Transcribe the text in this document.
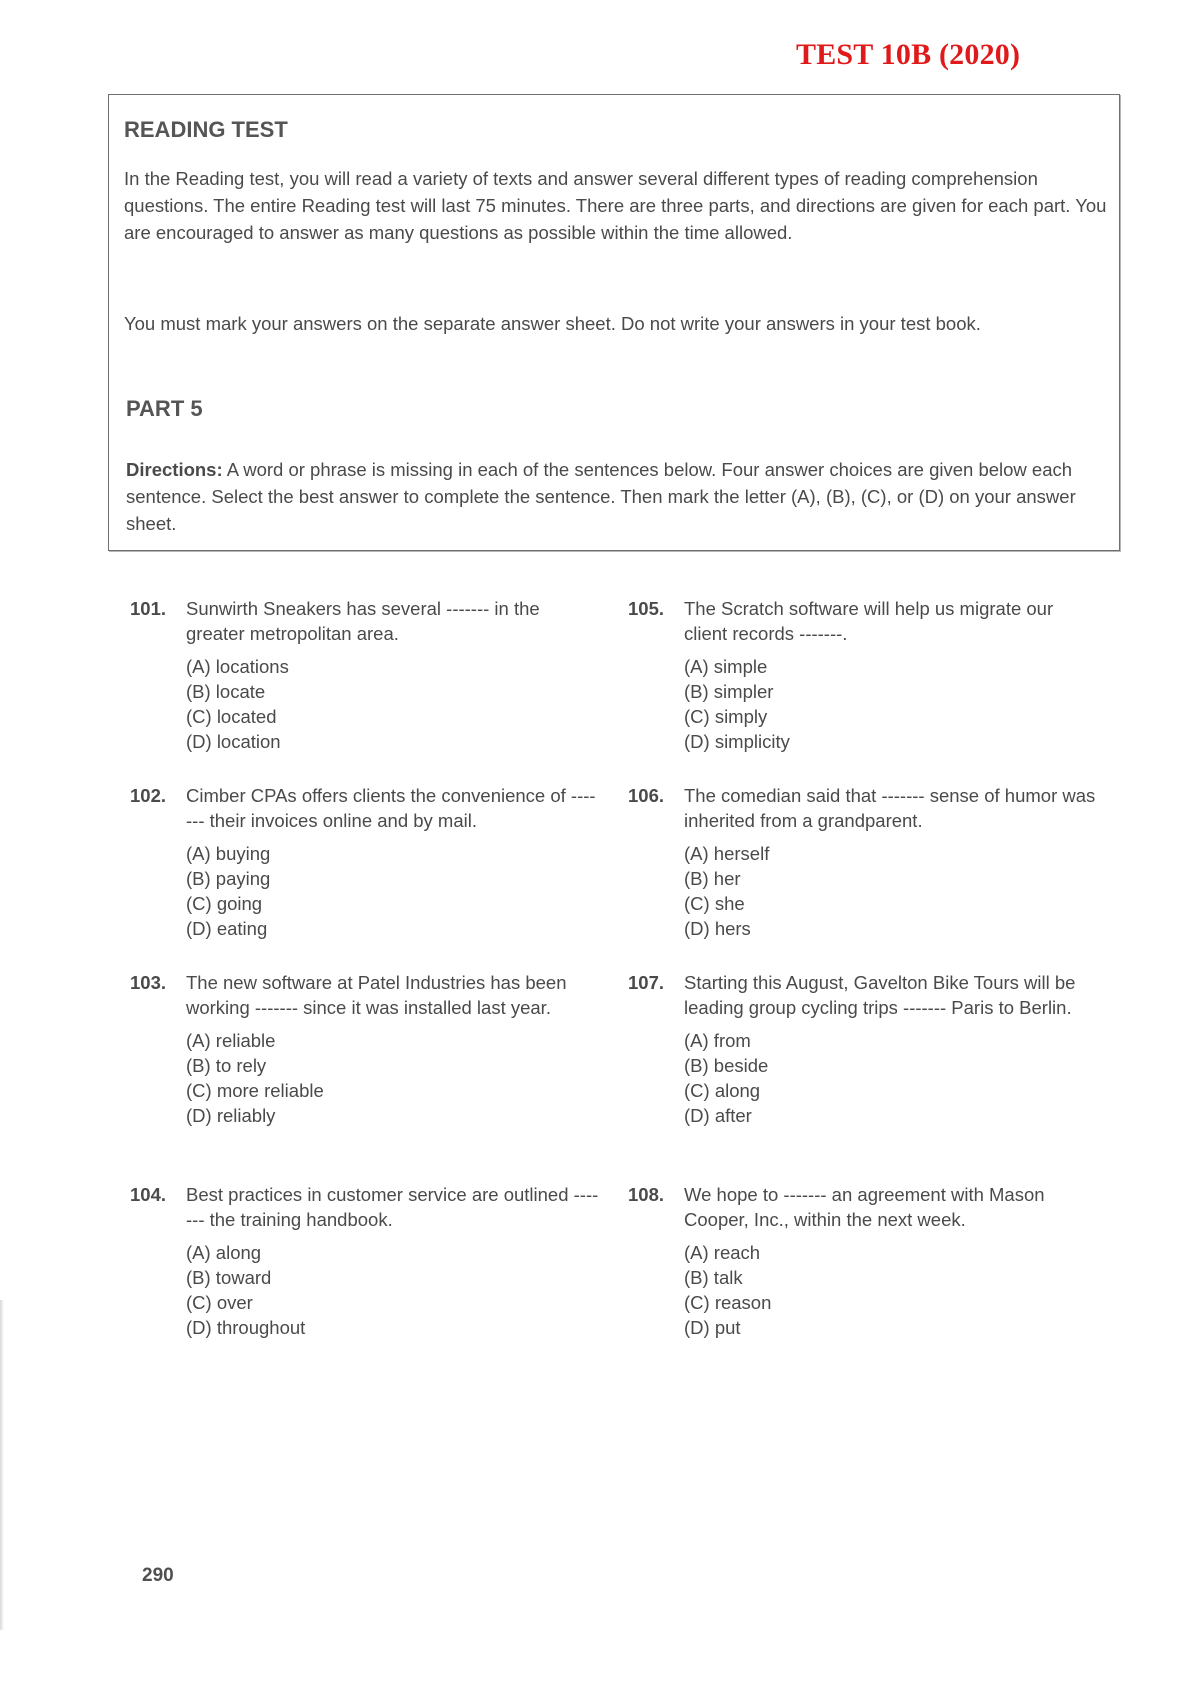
TEST 10B (2020)
READING TEST
In the Reading test, you will read a variety of texts and answer several different types of reading comprehension questions. The entire Reading test will last 75 minutes. There are three parts, and directions are given for each part. You are encouraged to answer as many questions as possible within the time allowed.
You must mark your answers on the separate answer sheet. Do not write your answers in your test book.
PART 5
Directions: A word or phrase is missing in each of the sentences below. Four answer choices are given below each sentence. Select the best answer to complete the sentence. Then mark the letter (A), (B), (C), or (D) on your answer sheet.
101.	Sunwirth Sneakers has several ------- in the greater metropolitan area.
(A) locations
(B) locate
(C) located
(D) location
102.	Cimber CPAs offers clients the convenience of ------- their invoices online and by mail.
(A) buying
(B) paying
(C) going
(D) eating
103.	The new software at Patel Industries has been working ------- since it was installed last year.
(A) reliable
(B) to rely
(C) more reliable
(D) reliably
104.	Best practices in customer service are outlined ------- the training handbook.
(A) along
(B) toward
(C) over
(D) throughout
105.	The Scratch software will help us migrate our client records -------.
(A) simple
(B) simpler
(C) simply
(D) simplicity
106.	The comedian said that ------- sense of humor was inherited from a grandparent.
(A) herself
(B) her
(C) she
(D) hers
107.	Starting this August, Gavelton Bike Tours will be leading group cycling trips ------- Paris to Berlin.
(A) from
(B) beside
(C) along
(D) after
108.	We hope to ------- an agreement with Mason Cooper, Inc., within the next week.
(A) reach
(B) talk
(C) reason
(D) put
290
